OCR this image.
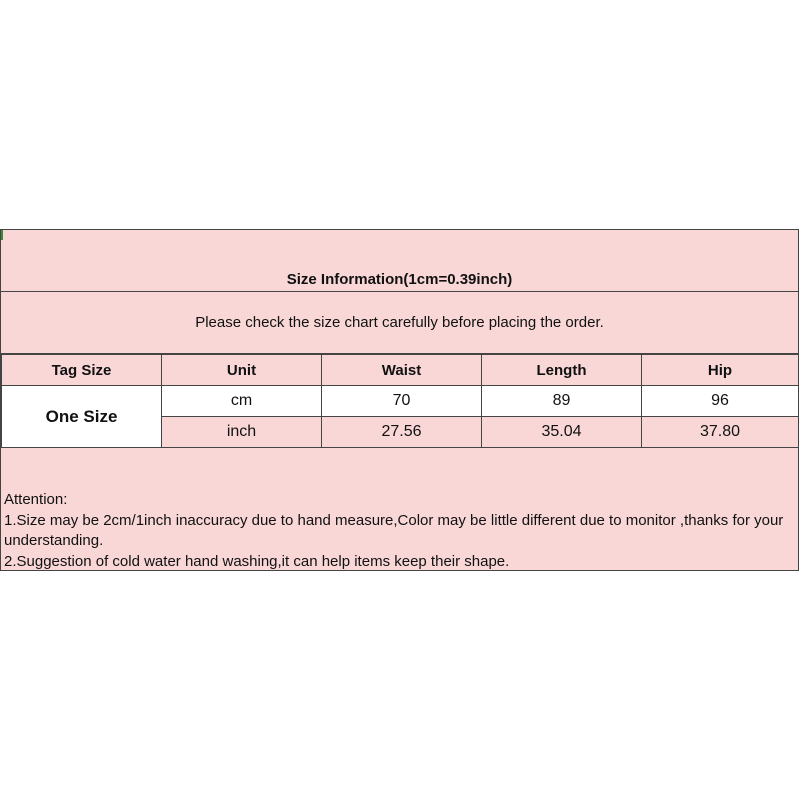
Size Information(1cm=0.39inch)
Please check the size chart carefully before placing the order.
Tag Size	Unit	Waist	Length	Hip
One Size	cm	70	89	96
	inch	27.56	35.04	37.80
Attention:
1.Size may be 2cm/1inch inaccuracy due to hand measure,Color may be little different due to monitor ,thanks for your understanding.
2.Suggestion of cold water hand washing,it can help items keep their shape.
